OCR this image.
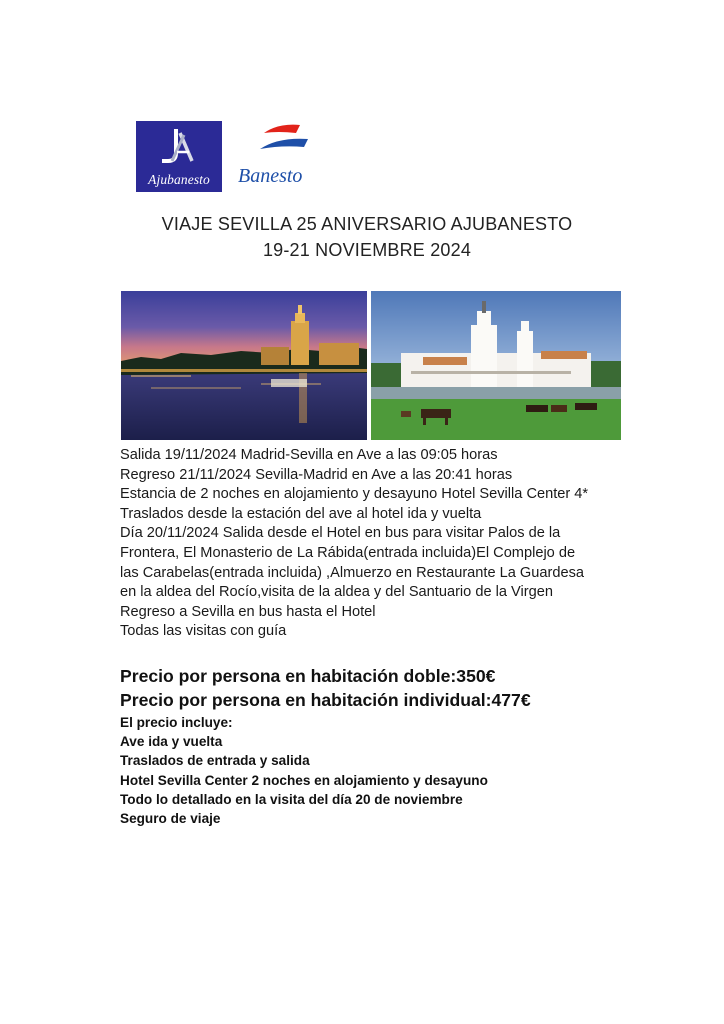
Ajubanesto	Banesto
VIAJE SEVILLA 25 ANIVERSARIO AJUBANESTO
19-21 NOVIEMBRE 2024
Salida 19/11/2024 Madrid-Sevilla en Ave a las 09:05 horas
Regreso 21/11/2024 Sevilla-Madrid en Ave a las 20:41 horas
Estancia de 2 noches en alojamiento y desayuno Hotel Sevilla Center 4*
Traslados desde la estación del ave al hotel ida y vuelta
Día 20/11/2024 Salida desde el Hotel en bus para visitar Palos de la
Frontera, El Monasterio de La Rábida(entrada incluida)El Complejo de
las Carabelas(entrada incluida) ,Almuerzo en Restaurante La Guardesa
en la aldea del Rocío,visita de la aldea y del Santuario de la Virgen
Regreso a Sevilla en bus hasta el Hotel
Todas las visitas con guía
Precio por persona en habitación doble:350€
Precio por persona en habitación individual:477€
El precio incluye:
Ave ida y vuelta
Traslados de entrada y salida
Hotel Sevilla Center 2 noches en alojamiento y desayuno
Todo lo detallado en la visita del día 20 de noviembre
Seguro de viaje
